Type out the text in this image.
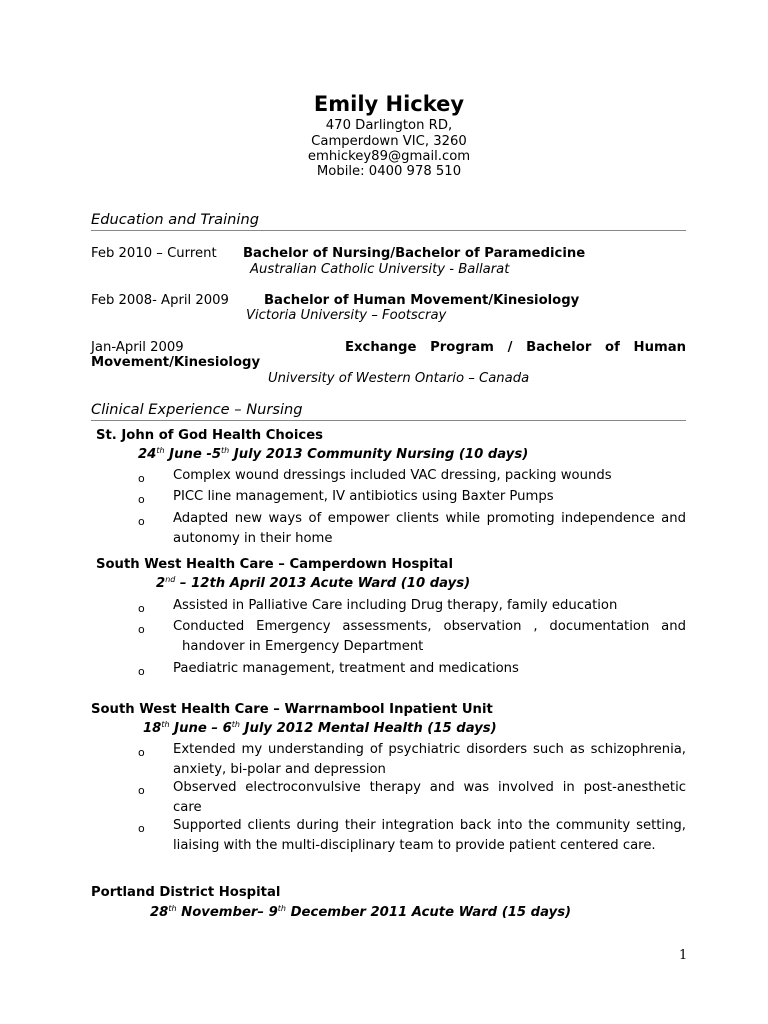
Emily Hickey
470 Darlington RD,
Camperdown VIC, 3260
emhickey89@gmail.com
Mobile: 0400 978 510
Education and Training
Feb 2010 – Current Bachelor of Nursing/Bachelor of Paramedicine
Australian Catholic University - Ballarat
Feb 2008- April 2009	Bachelor of Human Movement/Kinesiology
Victoria University – Footscray
Jan-April 2009	Exchange  Program  /  Bachelor  of  Human
Movement/Kinesiology
University of Western Ontario – Canada
Clinical Experience – Nursing
St. John of God Health Choices
24th June -5th July 2013 Community Nursing (10 days)
o Complex wound dressings included VAC dressing, packing wounds
o PICC line management, IV antibiotics using Baxter Pumps
o Adapted new ways of empower clients while promoting independence and autonomy in their home
South West Health Care – Camperdown Hospital
2nd – 12th April 2013 Acute Ward (10 days)
o Assisted in Palliative Care including Drug therapy, family education
o Conducted  Emergency  assessments,  observation  ,  documentation  and
handover in Emergency Department
o Paediatric management, treatment and medications
South West Health Care – Warrnambool Inpatient Unit
18th June – 6th July 2012 Mental Health (15 days)
o Extended my understanding of psychiatric disorders such as schizophrenia, anxiety, bi-polar and depression
o Observed electroconvulsive therapy and was involved in post-anesthetic care
o Supported clients during their integration back into the community setting, liaising with the multi-disciplinary team to provide patient centered care.
Portland District Hospital
28th November– 9th December 2011 Acute Ward (15 days)
1
